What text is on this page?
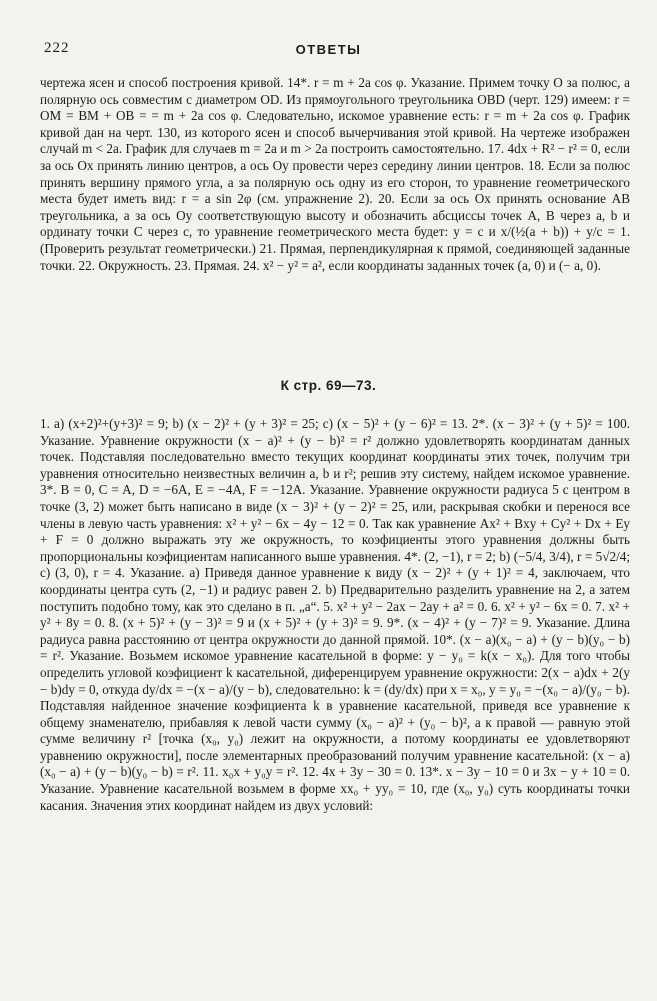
222	ОТВЕТЫ

чертежа ясен и способ построения кривой. 14*. r = m + 2a cos φ. Указание. Примем точку O за полюс, а полярную ось совместим с диаметром OD. Из прямоугольного треугольника OBD (черт. 129) имеем: r = OM = BM + OB = = m + 2a cos φ. Следовательно, искомое уравнение есть: r = m + 2a cos φ. График кривой дан на черт. 130, из которого ясен и способ вычерчивания этой кривой. На чертеже изображен случай m < 2a. График для случаев m = 2a и m > 2a построить самостоятельно. 17. 4dx + R² − r² = 0, если за ось Ox принять линию центров, а ось Oy провести через середину линии центров. 18. Если за полюс принять вершину прямого угла, а за полярную ось одну из его сторон, то уравнение геометрического места будет иметь вид: r = a sin 2φ (см. упражнение 2). 20. Если за ось Ox принять основание AB треугольника, а за ось Oy соответствующую высоту и обозначить абсциссы точек A, B через a, b и ординату точки C через c, то уравнение геометрического места будет: y = c и x/(½(a + b)) + y/c = 1. (Проверить результат геометрически.) 21. Прямая, перпендикулярная к прямой, соединяющей заданные точки. 22. Окружность. 23. Прямая. 24. x² − y² = a², если координаты заданных точек (a, 0) и (− a, 0).

К стр. 69—73.

1. a) (x+2)²+(y+3)² = 9; b) (x − 2)² + (y + 3)² = 25; c) (x − 5)² + (y − 6)² = 13. 2*. (x − 3)² + (y + 5)² = 100. Указание. Уравнение окружности (x − a)² + (y − b)² = r² должно удовлетворять координатам данных точек. Подставляя последовательно вместо текущих координат координаты этих точек, получим три уравнения относительно неизвестных величин a, b и r²; решив эту систему, найдем искомое уравнение. 3*. B = 0, C = A, D = −6A, E = −4A, F = −12A. Указание. Уравнение окружности радиуса 5 с центром в точке (3, 2) может быть написано в виде (x − 3)² + (y − 2)² = 25, или, раскрывая скобки и перенося все члены в левую часть уравнения: x² + y² − 6x − 4y − 12 = 0. Так как уравнение Ax² + Bxy + Cy² + Dx + Ey + F = 0 должно выражать эту же окружность, то коэфициенты этого уравнения должны быть пропорциональны коэфициентам написанного выше уравнения. 4*. (2, −1), r = 2; b) (−5/4, 3/4), r = 5√2/4; c) (3, 0), r = 4. Указание. a) Приведя данное уравнение к виду (x − 2)² + (y + 1)² = 4, заключаем, что координаты центра суть (2, −1) и радиус равен 2. b) Предварительно разделить уравнение на 2, а затем поступить подобно тому, как это сделано в п. „a“. 5. x² + y² − 2ax − 2ay + a² = 0. 6. x² + y² − 6x = 0. 7. x² + y² + 8y = 0. 8. (x + 5)² + (y − 3)² = 9 и (x + 5)² + (y + 3)² = 9. 9*. (x − 4)² + (y − 7)² = 9. Указание. Длина радиуса равна расстоянию от центра окружности до данной прямой. 10*. (x − a)(x₀ − a) + (y − b)(y₀ − b) = r². Указание. Возьмем искомое уравнение касательной в форме: y − y₀ = k(x − x₀). Для того чтобы определить угловой коэфициент k касательной, диференцируем уравнение окружности: 2(x − a)dx + 2(y − b)dy = 0, откуда dy/dx = −(x − a)/(y − b), следовательно: k = (dy/dx) при x = x₀, y = y₀ = −(x₀ − a)/(y₀ − b). Подставляя найденное значение коэфициента k в уравнение касательной, приведя все уравнение к общему знаменателю, прибавляя к левой части сумму (x₀ − a)² + (y₀ − b)², а к правой — равную этой сумме величину r² [точка (x₀, y₀) лежит на окружности, а потому координаты ее удовлетворяют уравнению окружности], после элементарных преобразований получим уравнение касательной: (x − a)(x₀ − a) + (y − b)(y₀ − b) = r². 11. x₀x + y₀y = r². 12. 4x + 3y − 30 = 0. 13*. x − 3y − 10 = 0 и 3x − y + 10 = 0. Указание. Уравнение касательной возьмем в форме xx₀ + yy₀ = 10, где (x₀, y₀) суть координаты точки касания. Значения этих координат найдем из двух условий:
